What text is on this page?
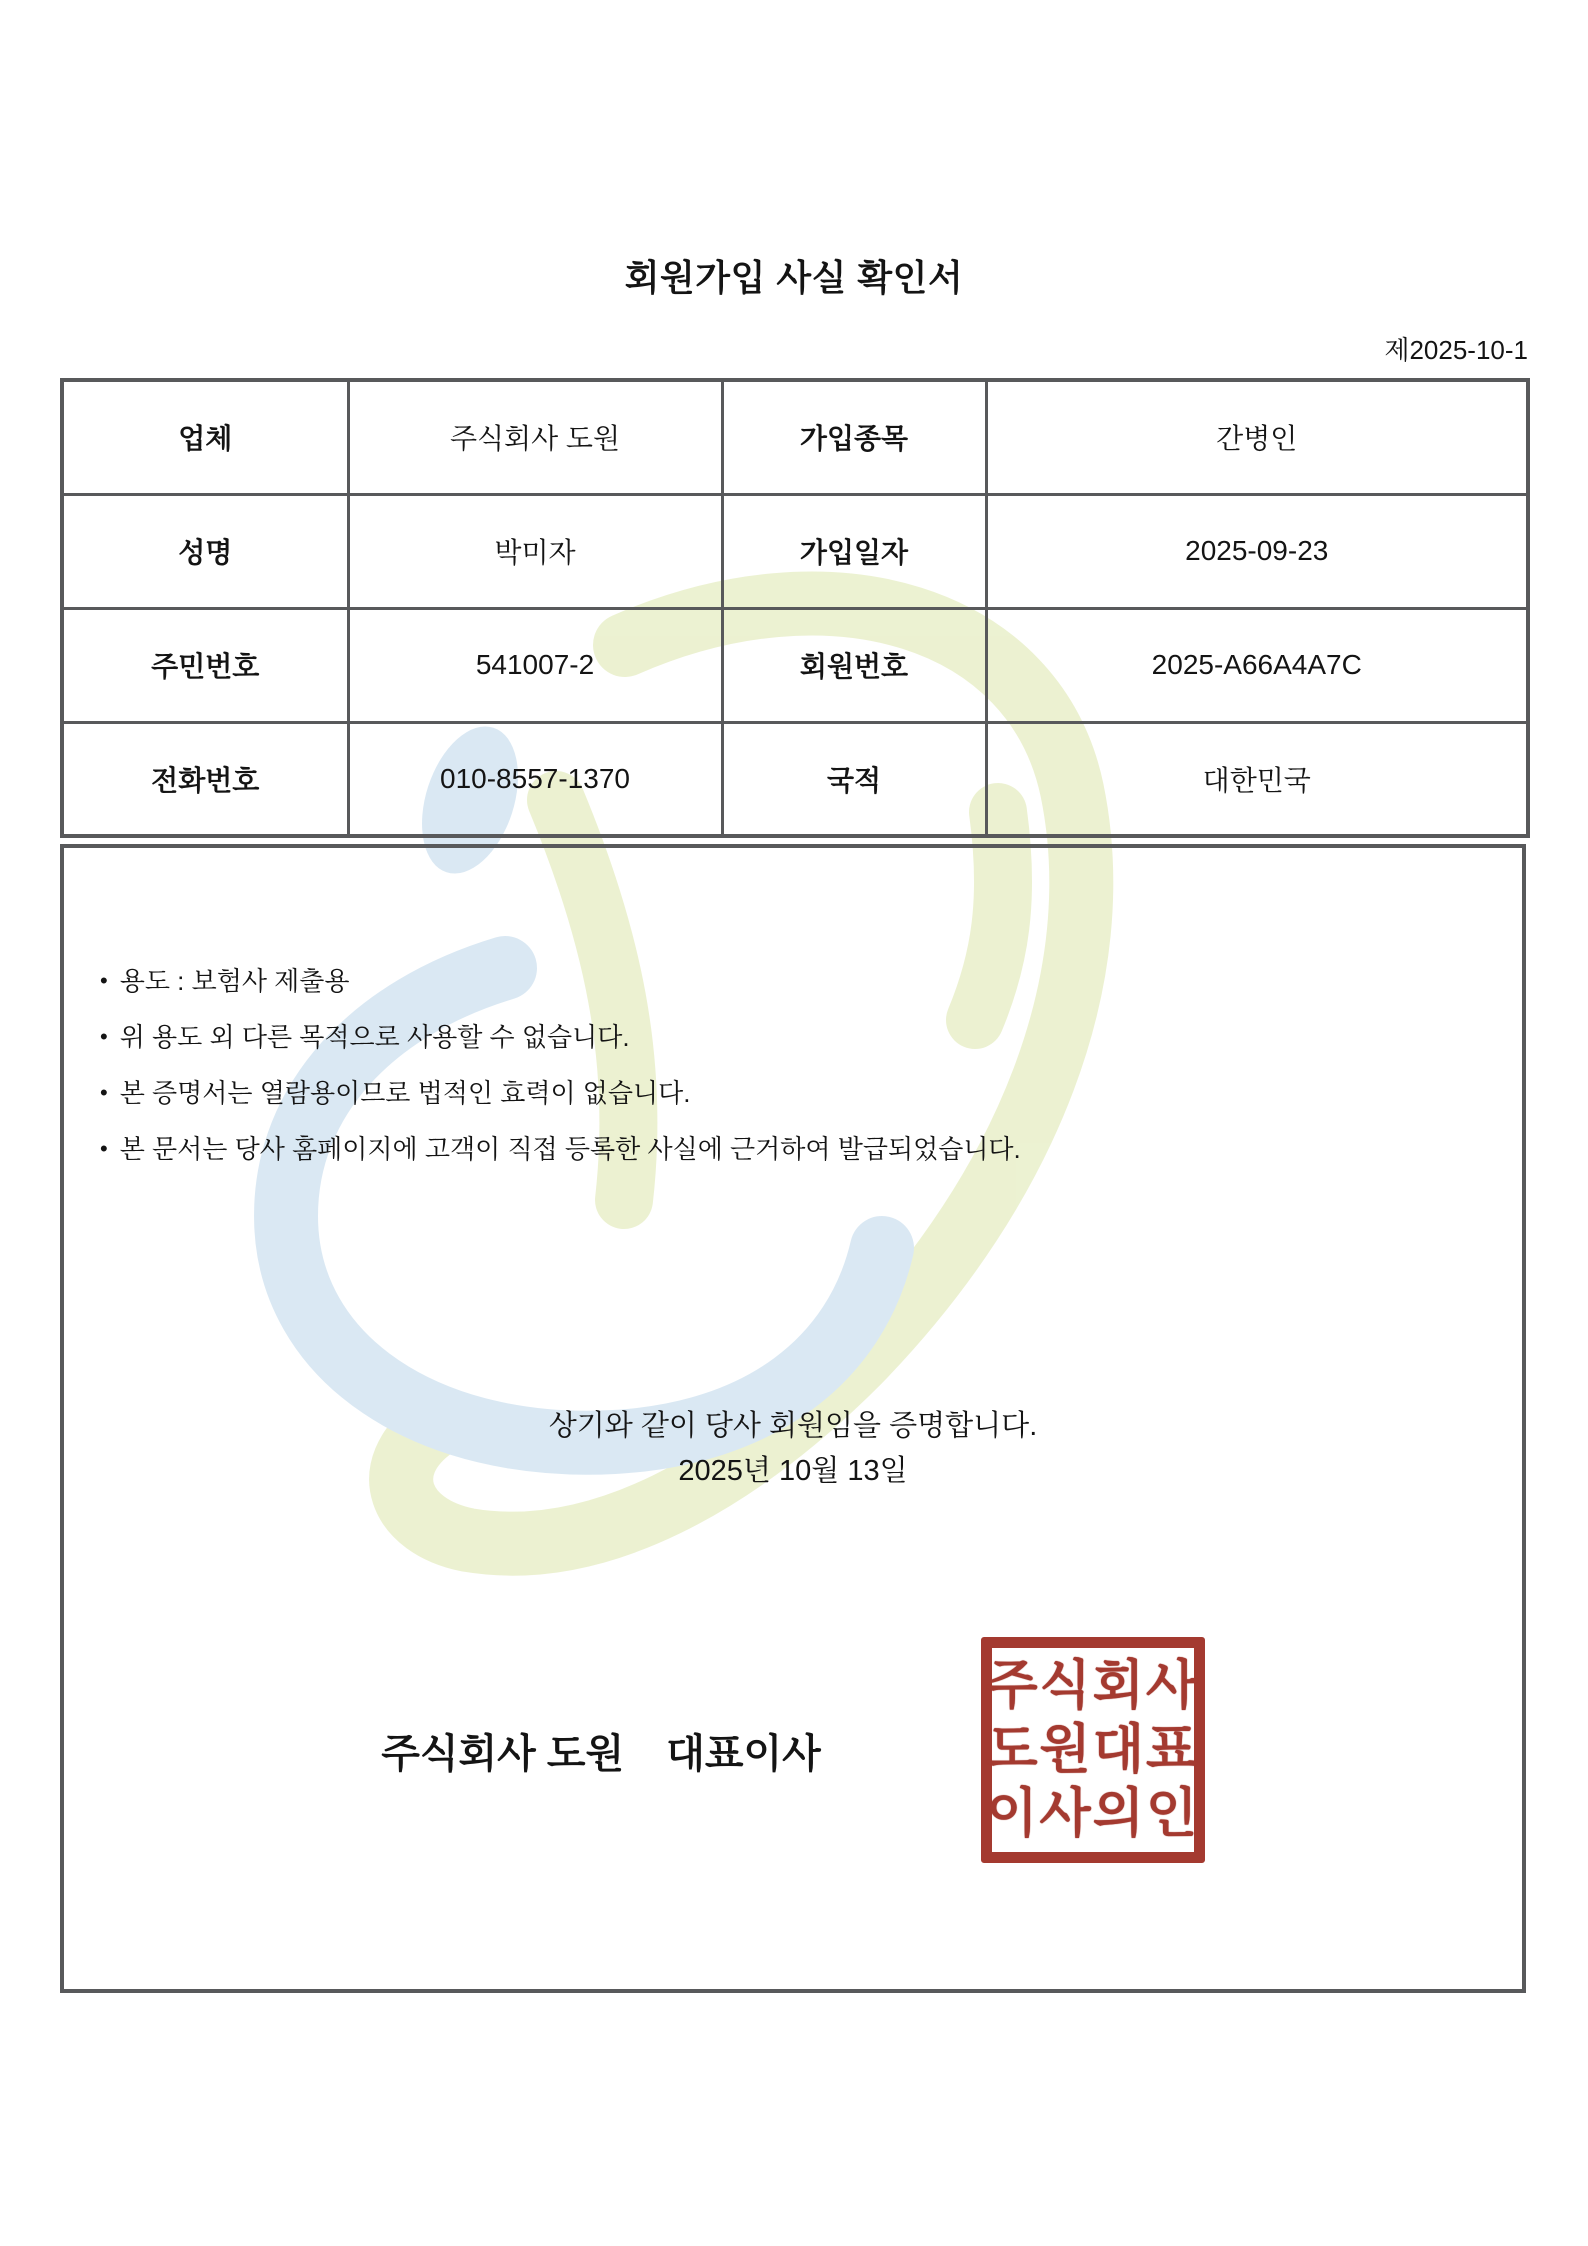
회원가입 사실 확인서
제2025-10-1
업체	주식회사 도원	가입종목	간병인
성명	박미자	가입일자	2025-09-23
주민번호	541007-2	회원번호	2025-A66A4A7C
전화번호	010-8557-1370	국적	대한민국
• 용도 : 보험사 제출용
• 위 용도 외 다른 목적으로 사용할 수 없습니다.
• 본 증명서는 열람용이므로 법적인 효력이 없습니다.
• 본 문서는 당사 홈페이지에 고객이 직접 등록한 사실에 근거하여 발급되었습니다.
상기와 같이 당사 회원임을 증명합니다.
2025년 10월 13일
주식회사 도원 대표이사
주식회사
도원대표
이사의인
